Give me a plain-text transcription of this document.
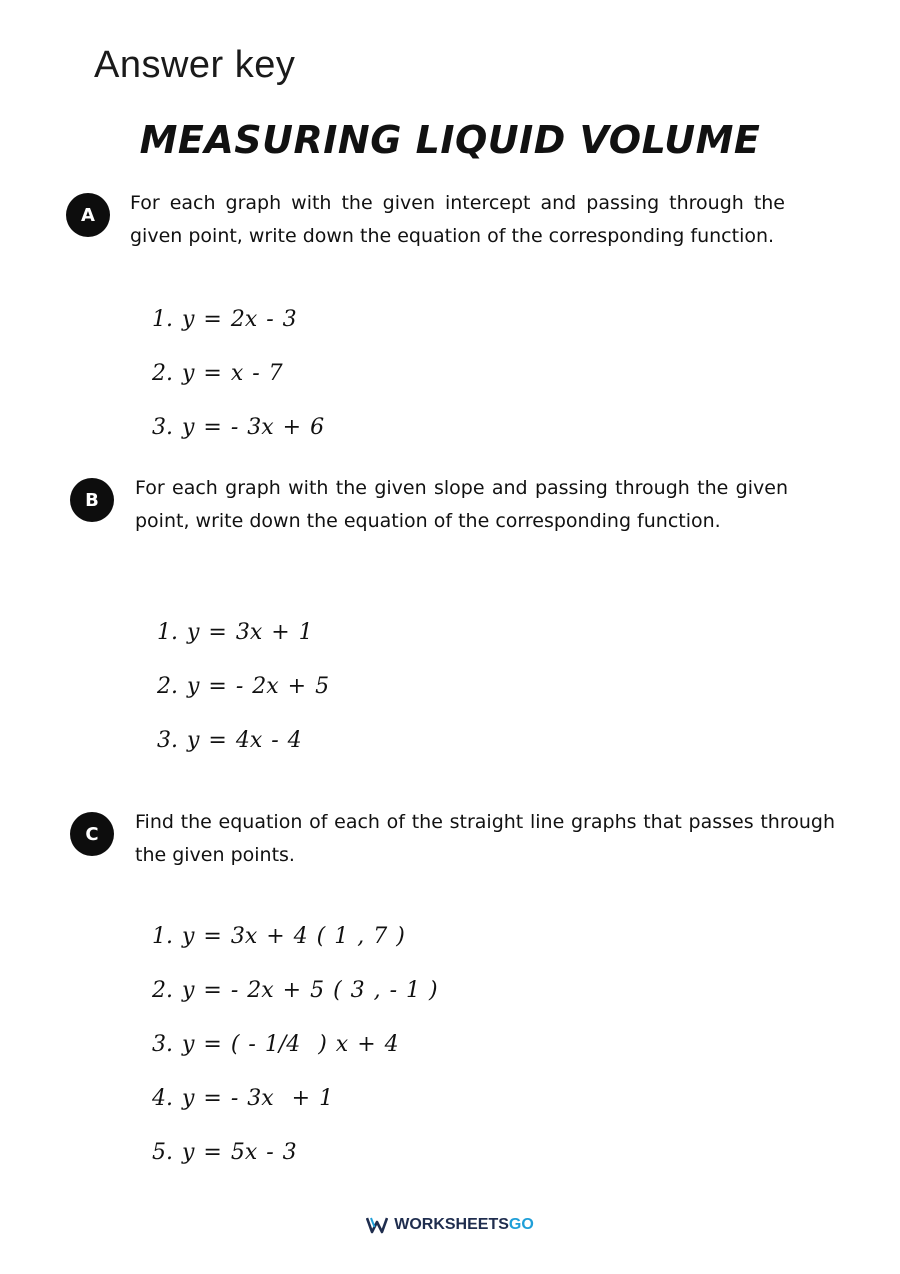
Answer key
MEASURING LIQUID VOLUME
A
For each graph with the given intercept and passing through the given point, write down the equation of the corresponding function.
1. y = 2x - 3
2. y = x - 7
3. y = - 3x + 6
B
For each graph with the given slope and passing through the given point, write down the equation of the corresponding function.
1. y = 3x + 1
2. y = - 2x + 5
3. y = 4x - 4
C
Find the equation of each of the straight line graphs that passes through the given points.
1. y = 3x + 4 ( 1 , 7 )
2. y = - 2x + 5 ( 3 , - 1 )
3. y = ( - 1/4  ) x + 4
4. y = - 3x  + 1
5. y = 5x - 3
WORKSHEETSGO
